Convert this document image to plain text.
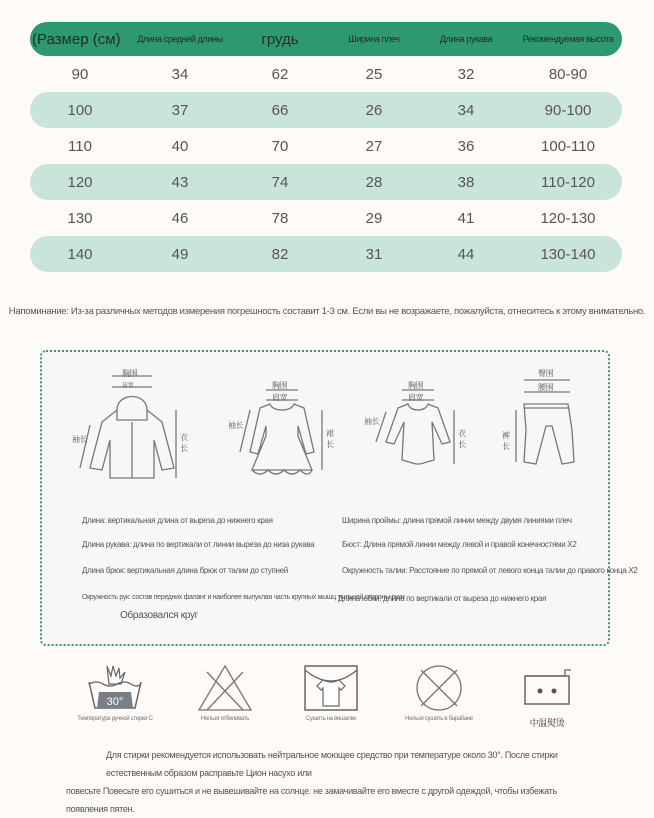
(Размер (см)	Длина средней длины	грудь	Ширина плеч	Длина рукава	Рекомендуемая высота
90	34	62	25	32	80-90
100	37	66	26	34	90-100
110	40	70	27	36	100-110
120	43	74	28	38	110-120
130	46	78	29	41	120-130
140	49	82	31	44	130-140
Напоминание: Из-за различных методов измерения погрешность составит 1-3 см. Если вы не возражаете, пожалуйста, отнеситесь к этому внимательно.
胸围
肩宽
袖长	衣长
胸围
肩宽
袖长
裙长
胸围
肩宽
袖长
衣长
臀围
腰围
裤长
Длина: вертикальная длина от выреза до нижнего края
Длина рукава: длина по вертикали от линии выреза до низа рукава
Длина брюк: вертикальная длина брюк от талии до ступней
Окружность рук: состав передних фаланг и наиболее выпуклая часть крупных мышц тыльной стороны руки
Образовался круг
Ширина проймы: длина прямой линии между двумя линиями плеч
Бюст: Длина прямой линии между левой и правой конечностями X2
Окружность талии: Расстояние по прямой от левого конца талии до правого конца X2
Длина юбки: длина по вертикали от выреза до нижнего края
30°
Температура ручной стирки C	Нельзя отбеливать	Сушить на вешалке	Нельзя сушить в барабане	中温熨烫

Для стирки рекомендуется использовать нейтральное моющее средство при температуре около 30°. После стирки естественным образом расправьте Цион насухо или

повесьте Повесьте его сушиться и не вывешивайте на солнце. не замачивайте его вместе с другой одеждой, чтобы избежать появления пятен.
